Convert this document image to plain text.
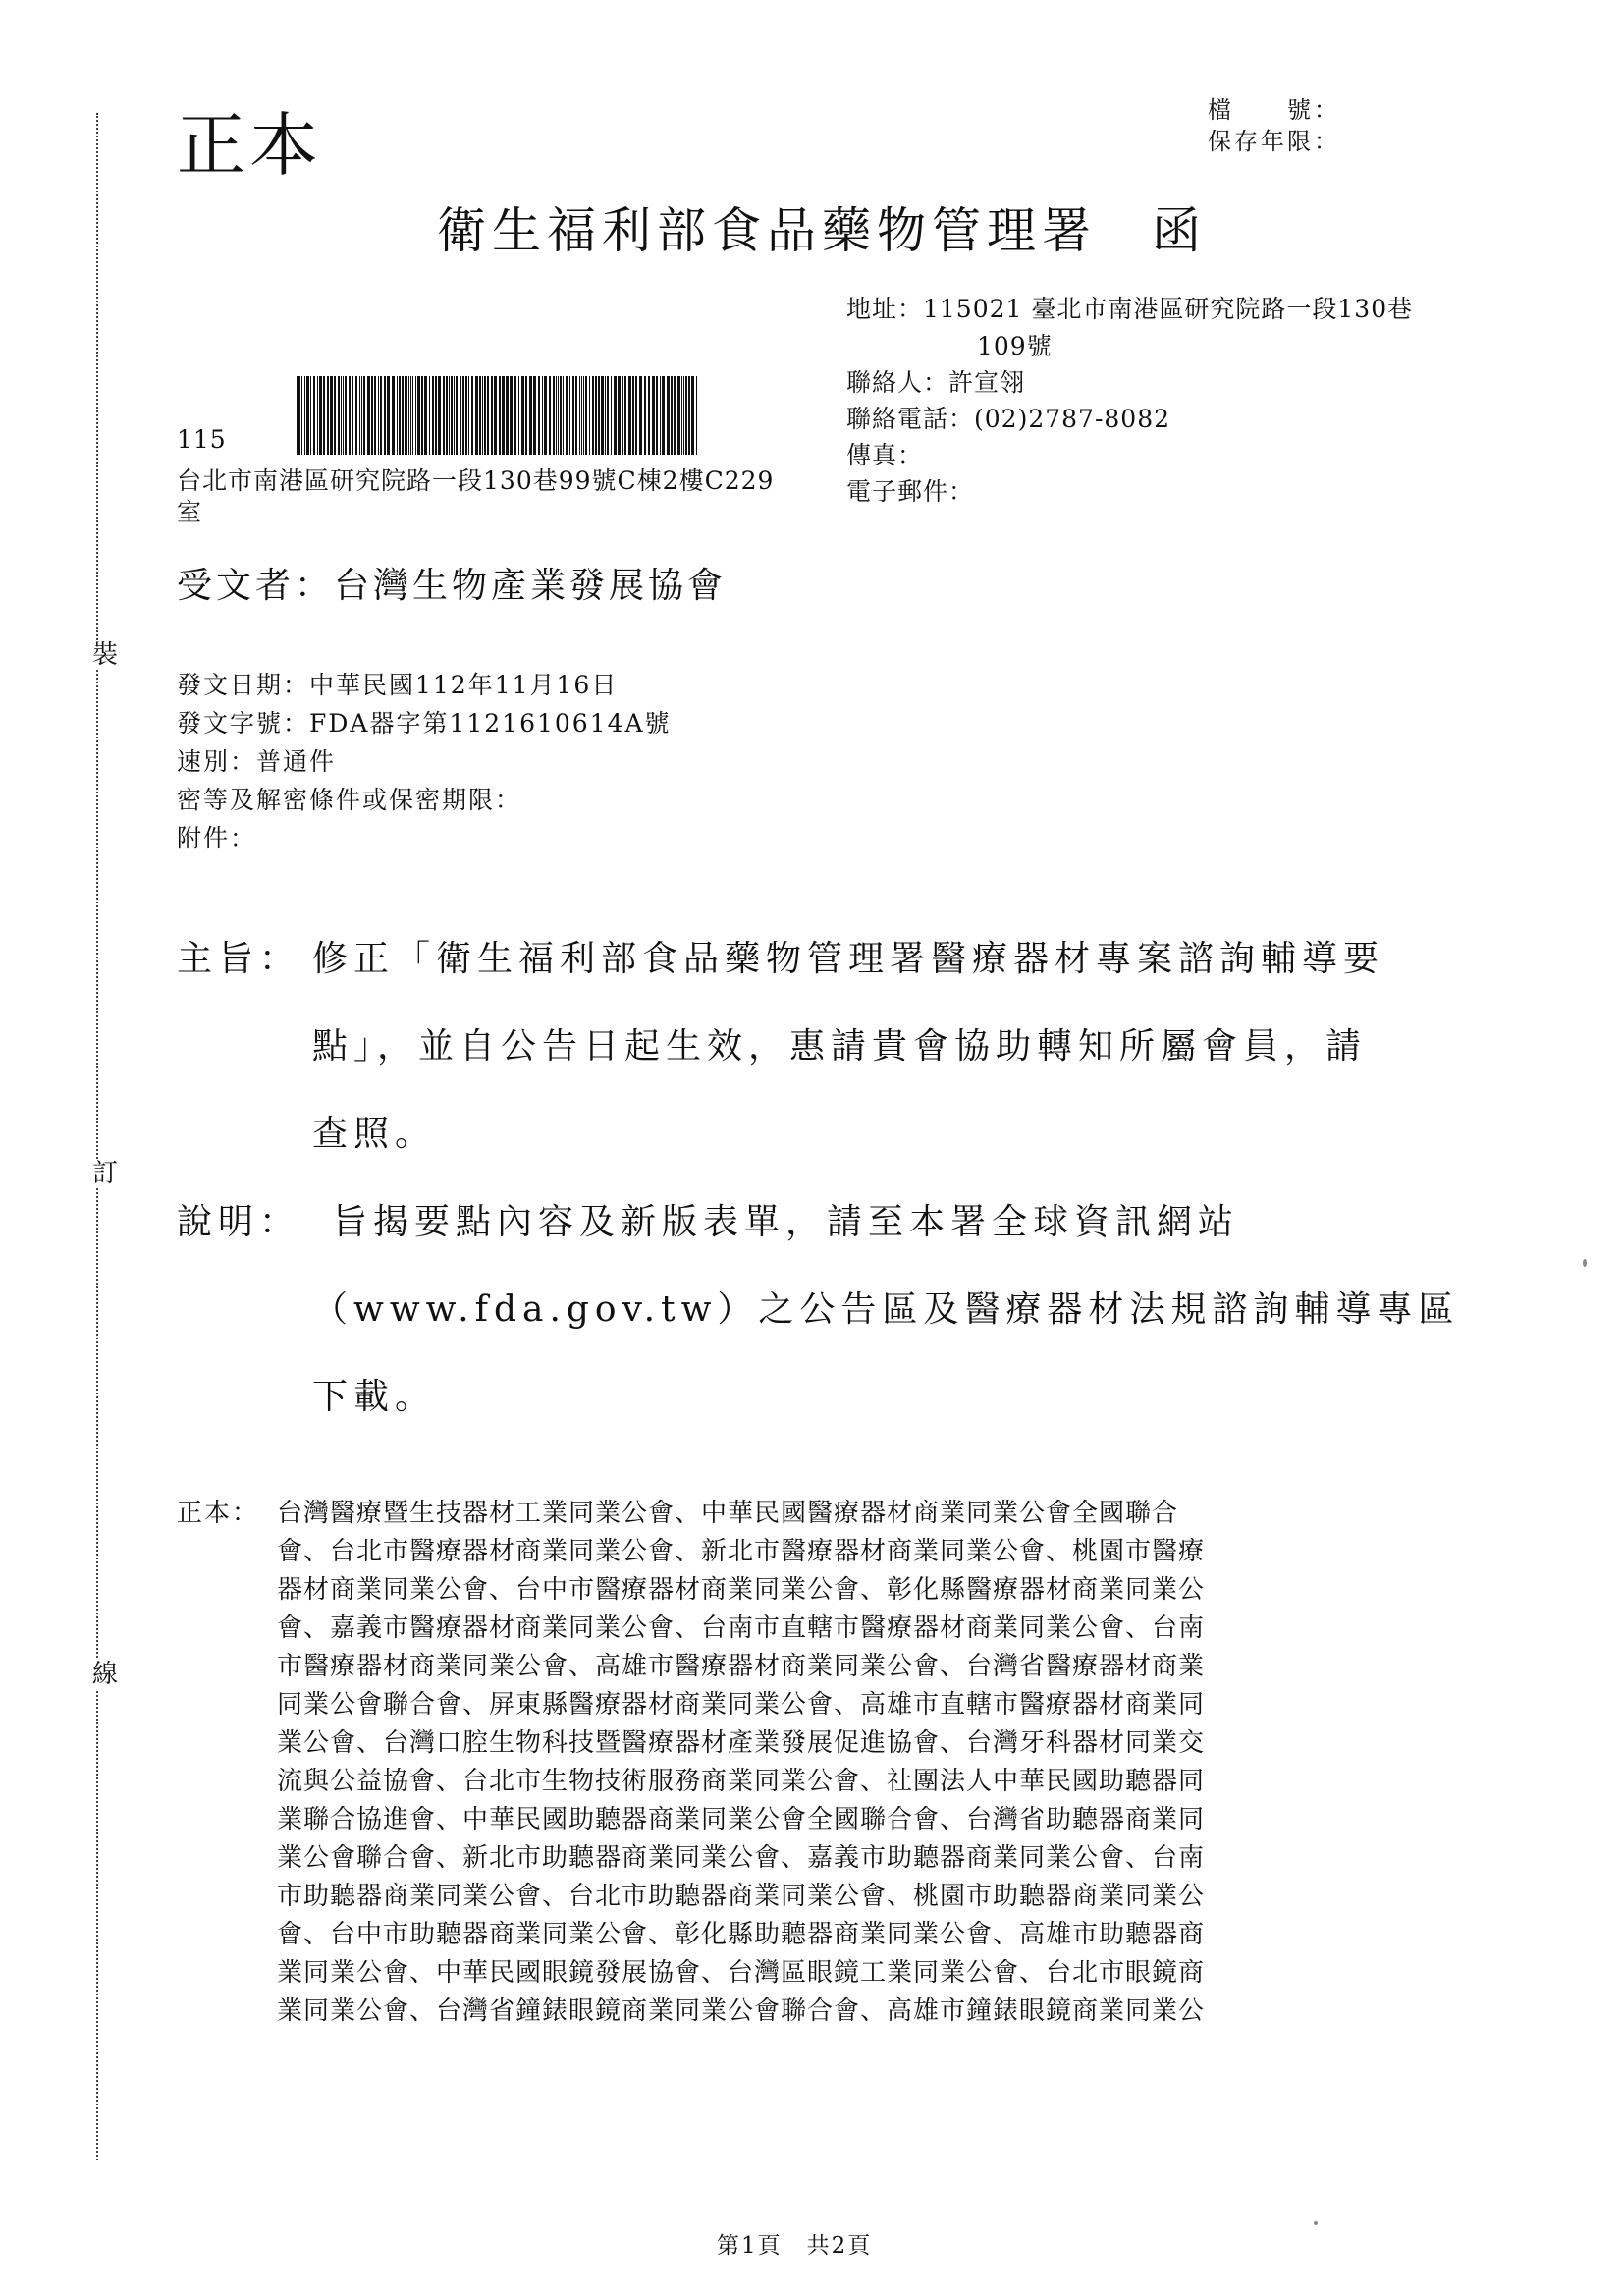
裝
訂
線
正本	檔　　號：
保存年限：
衛生福利部食品藥物管理署　函
地址：115021 臺北市南港區研究院路一段130巷
109號
聯絡人：許宣翎
聯絡電話：(02)2787-8082
傳真：
電子郵件：
115
台北市南港區研究院路一段130巷99號C棟2樓C229
室
受文者：台灣生物產業發展協會
發文日期：中華民國112年11月16日
發文字號：FDA器字第1121610614A號
速別：普通件
密等及解密條件或保密期限：
附件：
主旨： 修正「衛生福利部食品藥物管理署醫療器材專案諮詢輔導要
點」，並自公告日起生效，惠請貴會協助轉知所屬會員，請
查照。
說明： 旨揭要點內容及新版表單，請至本署全球資訊網站
（www.fda.gov.tw）之公告區及醫療器材法規諮詢輔導專區
下載。
正本： 台灣醫療暨生技器材工業同業公會、中華民國醫療器材商業同業公會全國聯合
會、台北市醫療器材商業同業公會、新北市醫療器材商業同業公會、桃園市醫療
器材商業同業公會、台中市醫療器材商業同業公會、彰化縣醫療器材商業同業公
會、嘉義市醫療器材商業同業公會、台南市直轄市醫療器材商業同業公會、台南
市醫療器材商業同業公會、高雄市醫療器材商業同業公會、台灣省醫療器材商業
同業公會聯合會、屏東縣醫療器材商業同業公會、高雄市直轄市醫療器材商業同
業公會、台灣口腔生物科技暨醫療器材產業發展促進協會、台灣牙科器材同業交
流與公益協會、台北市生物技術服務商業同業公會、社團法人中華民國助聽器同
業聯合協進會、中華民國助聽器商業同業公會全國聯合會、台灣省助聽器商業同
業公會聯合會、新北市助聽器商業同業公會、嘉義市助聽器商業同業公會、台南
市助聽器商業同業公會、台北市助聽器商業同業公會、桃園市助聽器商業同業公
會、台中市助聽器商業同業公會、彰化縣助聽器商業同業公會、高雄市助聽器商
業同業公會、中華民國眼鏡發展協會、台灣區眼鏡工業同業公會、台北市眼鏡商
業同業公會、台灣省鐘錶眼鏡商業同業公會聯合會、高雄市鐘錶眼鏡商業同業公
第1頁　共2頁
